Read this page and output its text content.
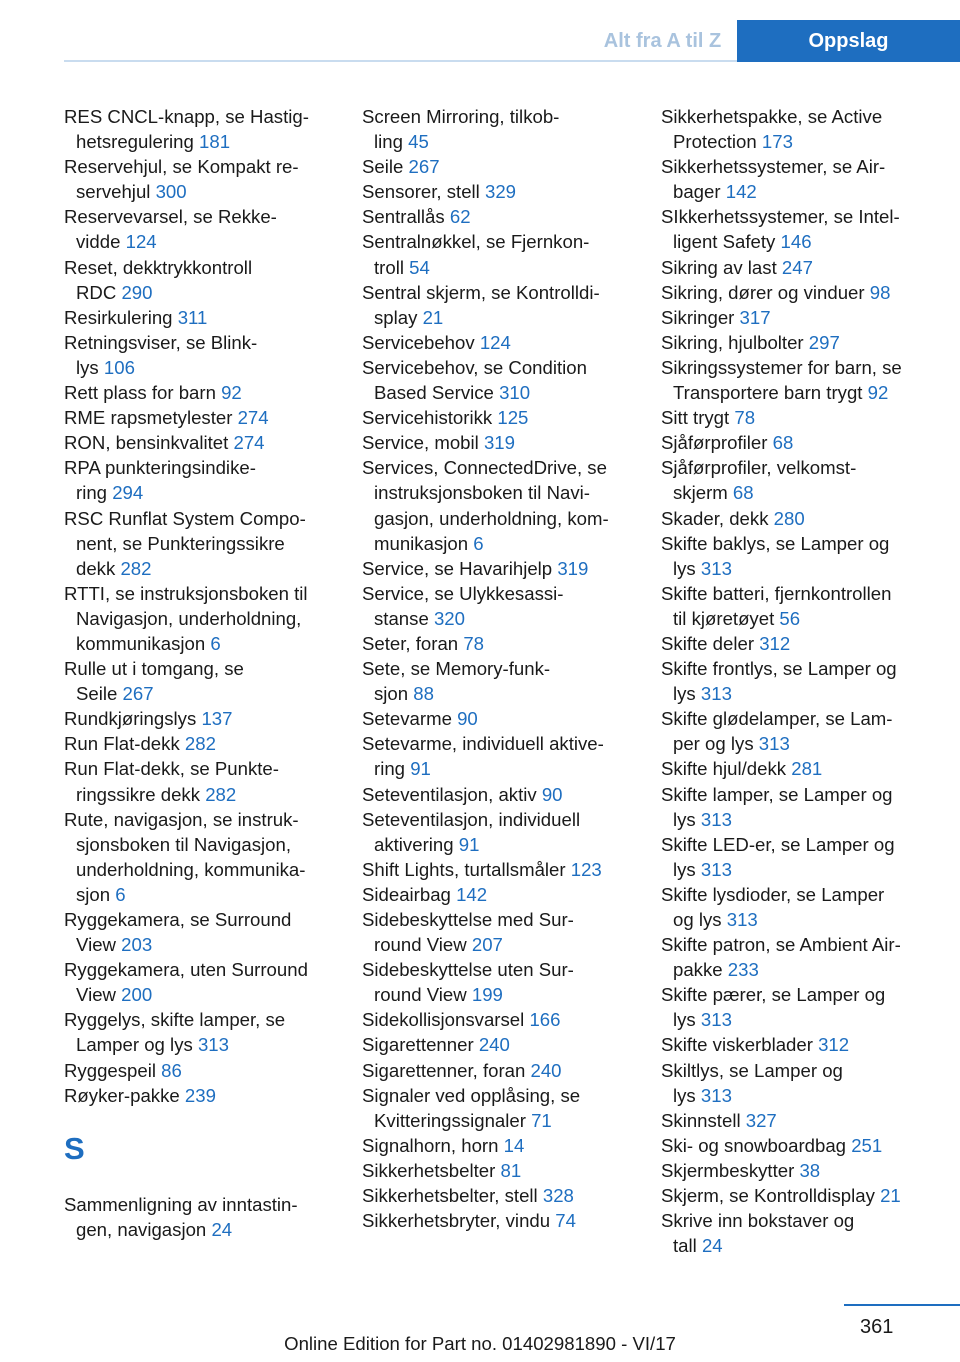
Alt fra A til Z	Oppslag
RES CNCL-knapp, se Hastig-
hetsregulering 181
Reservehjul, se Kompakt re-
servehjul 300
Reservevarsel, se Rekke-
vidde 124
Reset, dekktrykkontroll
RDC 290
Resirkulering 311
Retningsviser, se Blink-
lys 106
Rett plass for barn 92
RME rapsmetylester 274
RON, bensinkvalitet 274
RPA punkteringsindike-
ring 294
RSC Runflat System Compo-
nent, se Punkteringssikre
dekk 282
RTTI, se instruksjonsboken til
Navigasjon, underholdning,
kommunikasjon 6
Rulle ut i tomgang, se
Seile 267
Rundkjøringslys 137
Run Flat-dekk 282
Run Flat-dekk, se Punkte-
ringssikre dekk 282
Rute, navigasjon, se instruk-
sjonsboken til Navigasjon,
underholdning, kommunika-
sjon 6
Ryggekamera, se Surround
View 203
Ryggekamera, uten Surround
View 200
Ryggelys, skifte lamper, se
Lamper og lys 313
Ryggespeil 86
Røyker-pakke 239
S
Sammenligning av inntastin-
gen, navigasjon 24
Screen Mirroring, tilkob-
ling 45
Seile 267
Sensorer, stell 329
Sentrallås 62
Sentralnøkkel, se Fjernkon-
troll 54
Sentral skjerm, se Kontrolldi-
splay 21
Servicebehov 124
Servicebehov, se Condition
Based Service 310
Servicehistorikk 125
Service, mobil 319
Services, ConnectedDrive, se
instruksjonsboken til Navi-
gasjon, underholdning, kom-
munikasjon 6
Service, se Havarihjelp 319
Service, se Ulykkesassi-
stanse 320
Seter, foran 78
Sete, se Memory-funk-
sjon 88
Setevarme 90
Setevarme, individuell aktive-
ring 91
Seteventilasjon, aktiv 90
Seteventilasjon, individuell
aktivering 91
Shift Lights, turtallsmåler 123
Sideairbag 142
Sidebeskyttelse med Sur-
round View 207
Sidebeskyttelse uten Sur-
round View 199
Sidekollisjonsvarsel 166
Sigarettenner 240
Sigarettenner, foran 240
Signaler ved opplåsing, se
Kvitteringssignaler 71
Signalhorn, horn 14
Sikkerhetsbelter 81
Sikkerhetsbelter, stell 328
Sikkerhetsbryter, vindu 74
Sikkerhetspakke, se Active
Protection 173
Sikkerhetssystemer, se Air-
bager 142
SIkkerhetssystemer, se Intel-
ligent Safety 146
Sikring av last 247
Sikring, dører og vinduer 98
Sikringer 317
Sikring, hjulbolter 297
Sikringssystemer for barn, se
Transportere barn trygt 92
Sitt trygt 78
Sjåførprofiler 68
Sjåførprofiler, velkomst-
skjerm 68
Skader, dekk 280
Skifte baklys, se Lamper og
lys 313
Skifte batteri, fjernkontrollen
til kjøretøyet 56
Skifte deler 312
Skifte frontlys, se Lamper og
lys 313
Skifte glødelamper, se Lam-
per og lys 313
Skifte hjul/dekk 281
Skifte lamper, se Lamper og
lys 313
Skifte LED-er, se Lamper og
lys 313
Skifte lysdioder, se Lamper
og lys 313
Skifte patron, se Ambient Air-
pakke 233
Skifte pærer, se Lamper og
lys 313
Skifte viskerblader 312
Skiltlys, se Lamper og
lys 313
Skinnstell 327
Ski- og snowboardbag 251
Skjermbeskytter 38
Skjerm, se Kontrolldisplay 21
Skrive inn bokstaver og
tall 24
361
Online Edition for Part no. 01402981890 - VI/17
